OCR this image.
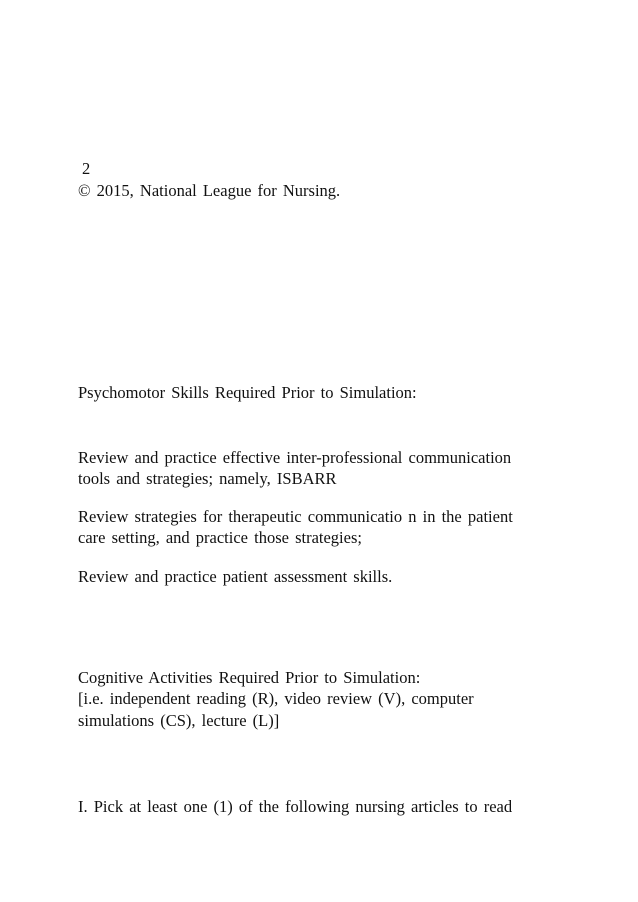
2
© 2015, National League for Nursing.
Psychomotor Skills Required Prior to Simulation:
Review and practice effective inter-professional communication
tools and strategies; namely, ISBARR
Review strategies for therapeutic communicatio n in the patient
care setting, and practice those strategies;
Review and practice patient assessment skills.
Cognitive Activities Required Prior to Simulation:
[i.e. independent reading (R), video review (V), computer
simulations (CS), lecture (L)]
I. Pick at least one (1) of the following nursing articles to read
